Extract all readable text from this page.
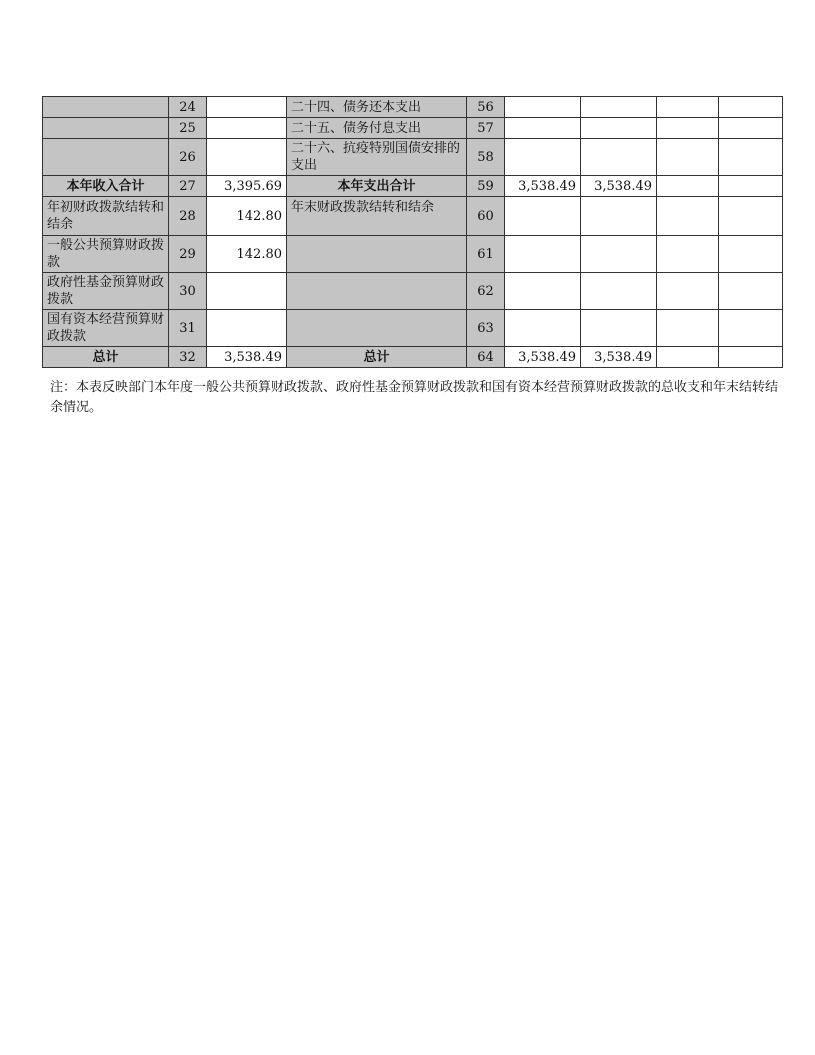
	24		二十四、债务还本支出	56				
	25		二十五、债务付息支出	57				
	26		二十六、抗疫特别国债安排的支出	58				
本年收入合计	27	3,395.69	本年支出合计	59	3,538.49	3,538.49		
年初财政拨款结转和结余	28	142.80	年末财政拨款结转和结余	60				
一般公共预算财政拨款	29	142.80		61				
政府性基金预算财政拨款	30			62				
国有资本经营预算财政拨款	31			63				
总计	32	3,538.49	总计	64	3,538.49	3,538.49		

注：本表反映部门本年度一般公共预算财政拨款、政府性基金预算财政拨款和国有资本经营预算财政拨款的总收支和年末结转结余情况。
